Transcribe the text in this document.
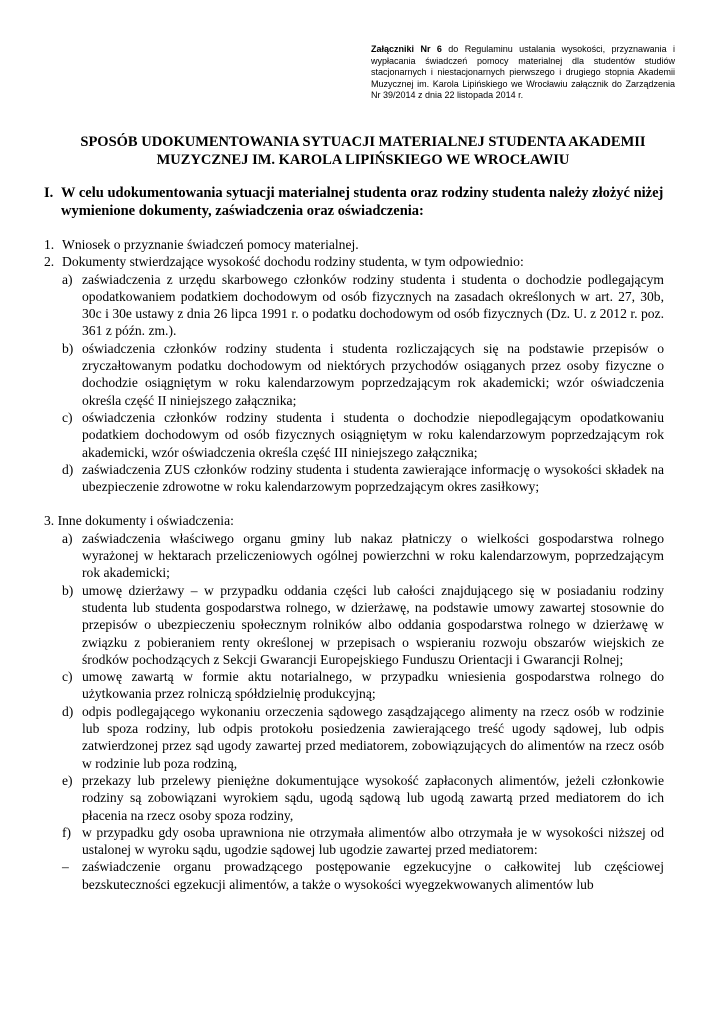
Załączniki Nr 6 do Regulaminu ustalania wysokości, przyznawania i wypłacania świadczeń pomocy materialnej dla studentów studiów stacjonarnych i niestacjonarnych pierwszego i drugiego stopnia Akademii Muzycznej im. Karola Lipińskiego we Wrocławiu załącznik do Zarządzenia Nr 39/2014 z dnia 22 listopada 2014 r.
SPOSÓB UDOKUMENTOWANIA SYTUACJI MATERIALNEJ STUDENTA AKADEMII MUZYCZNEJ IM. KAROLA LIPIŃSKIEGO WE WROCŁAWIU
I. W celu udokumentowania sytuacji materialnej studenta oraz rodziny studenta należy złożyć niżej wymienione dokumenty, zaświadczenia oraz oświadczenia:
1. Wniosek o przyznanie świadczeń pomocy materialnej.
2. Dokumenty stwierdzające wysokość dochodu rodziny studenta, w tym odpowiednio:
a) zaświadczenia z urzędu skarbowego członków rodziny studenta i studenta o dochodzie podlegającym opodatkowaniem podatkiem dochodowym od osób fizycznych na zasadach określonych w art. 27, 30b, 30c i 30e ustawy z dnia 26 lipca 1991 r. o podatku dochodowym od osób fizycznych (Dz. U. z 2012 r. poz. 361 z późn. zm.).
b) oświadczenia członków rodziny studenta i studenta rozliczających się na podstawie przepisów o zryczałtowanym podatku dochodowym od niektórych przychodów osiąganych przez osoby fizyczne o dochodzie osiągniętym w roku kalendarzowym poprzedzającym rok akademicki; wzór oświadczenia określa część II niniejszego załącznika;
c) oświadczenia członków rodziny studenta i studenta o dochodzie niepodlegającym opodatkowaniu podatkiem dochodowym od osób fizycznych osiągniętym w roku kalendarzowym poprzedzającym rok akademicki, wzór oświadczenia określa część III niniejszego załącznika;
d) zaświadczenia ZUS członków rodziny studenta i studenta zawierające informację o wysokości składek na ubezpieczenie zdrowotne w roku kalendarzowym poprzedzającym okres zasiłkowy;
3. Inne dokumenty i oświadczenia:
a) zaświadczenia właściwego organu gminy lub nakaz płatniczy o wielkości gospodarstwa rolnego wyrażonej w hektarach przeliczeniowych ogólnej powierzchni w roku kalendarzowym, poprzedzającym rok akademicki;
b) umowę dzierżawy – w przypadku oddania części lub całości znajdującego się w posiadaniu rodziny studenta lub studenta gospodarstwa rolnego, w dzierżawę, na podstawie umowy zawartej stosownie do przepisów o ubezpieczeniu społecznym rolników albo oddania gospodarstwa rolnego w dzierżawę w związku z pobieraniem renty określonej w przepisach o wspieraniu rozwoju obszarów wiejskich ze środków pochodzących z Sekcji Gwarancji Europejskiego Funduszu Orientacji i Gwarancji Rolnej;
c) umowę zawartą w formie aktu notarialnego, w przypadku wniesienia gospodarstwa rolnego do użytkowania przez rolniczą spółdzielnię produkcyjną;
d) odpis podlegającego wykonaniu orzeczenia sądowego zasądzającego alimenty na rzecz osób w rodzinie lub spoza rodziny, lub odpis protokołu posiedzenia zawierającego treść ugody sądowej, lub odpis zatwierdzonej przez sąd ugody zawartej przed mediatorem, zobowiązujących do alimentów na rzecz osób w rodzinie lub poza rodziną,
e) przekazy lub przelewy pieniężne dokumentujące wysokość zapłaconych alimentów, jeżeli członkowie rodziny są zobowiązani wyrokiem sądu, ugodą sądową lub ugodą zawartą przed mediatorem do ich płacenia na rzecz osoby spoza rodziny,
f) w przypadku gdy osoba uprawniona nie otrzymała alimentów albo otrzymała je w wysokości niższej od ustalonej w wyroku sądu, ugodzie sądowej lub ugodzie zawartej przed mediatorem:
– zaświadczenie organu prowadzącego postępowanie egzekucyjne o całkowitej lub częściowej bezskuteczności egzekucji alimentów, a także o wysokości wyegzekwowanych alimentów lub
